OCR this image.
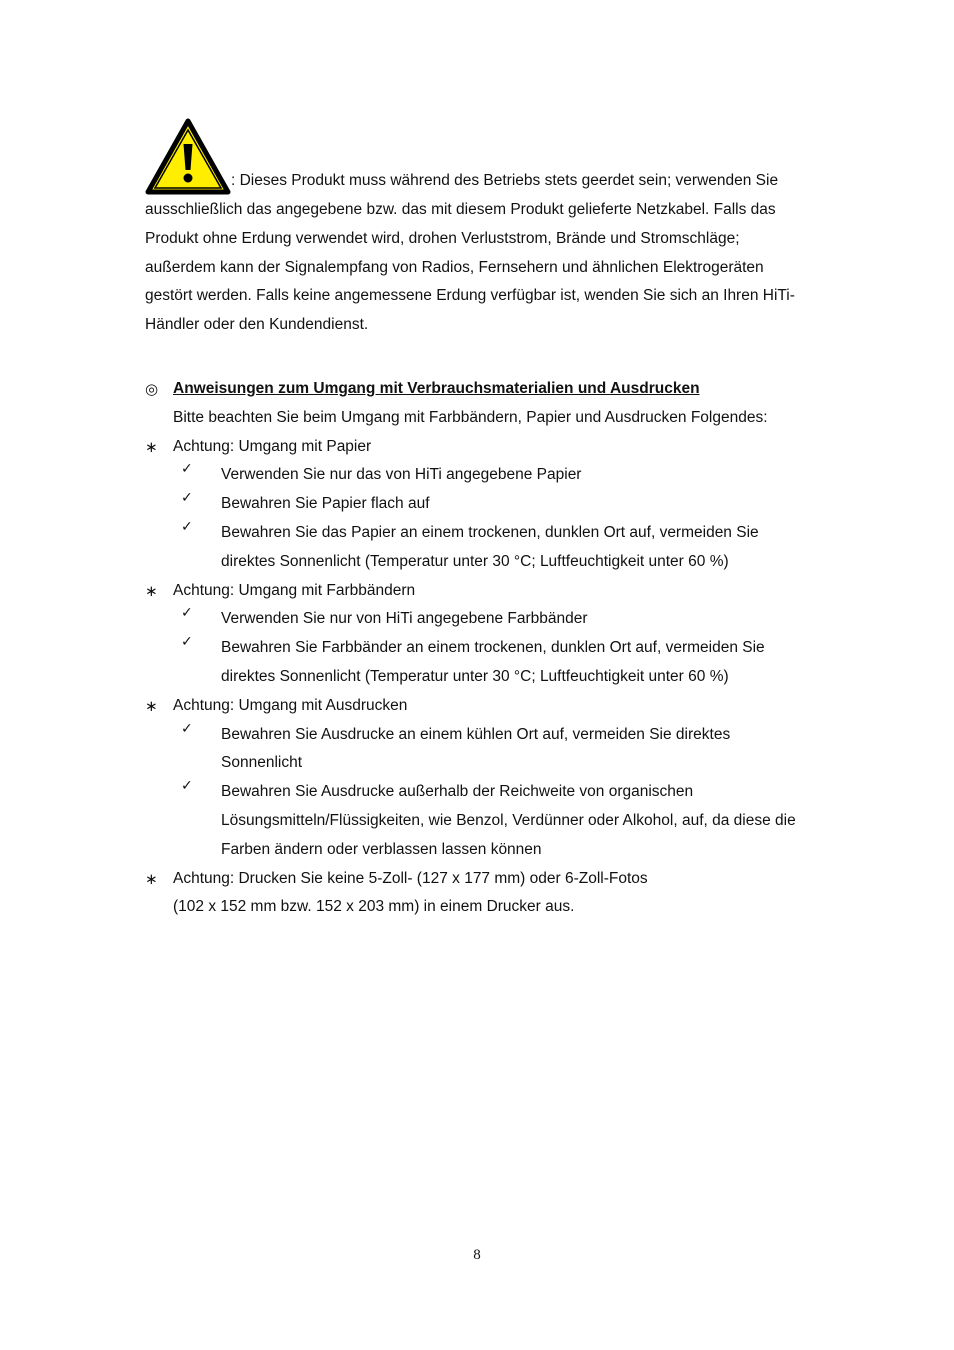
: Dieses Produkt muss während des Betriebs stets geerdet sein; verwenden Sie ausschließlich das angegebene bzw. das mit diesem Produkt gelieferte Netzkabel. Falls das Produkt ohne Erdung verwendet wird, drohen Verluststrom, Brände und Stromschläge; außerdem kann der Signalempfang von Radios, Fernsehern und ähnlichen Elektrogeräten gestört werden. Falls keine angemessene Erdung verfügbar ist, wenden Sie sich an Ihren HiTi-Händler oder den Kundendienst.
◎ Anweisungen zum Umgang mit Verbrauchsmaterialien und Ausdrucken
Bitte beachten Sie beim Umgang mit Farbbändern, Papier und Ausdrucken Folgendes:
∗ Achtung: Umgang mit Papier
✓ Verwenden Sie nur das von HiTi angegebene Papier
✓ Bewahren Sie Papier flach auf
✓ Bewahren Sie das Papier an einem trockenen, dunklen Ort auf, vermeiden Sie direktes Sonnenlicht (Temperatur unter 30 °C; Luftfeuchtigkeit unter 60 %)
∗ Achtung: Umgang mit Farbbändern
✓ Verwenden Sie nur von HiTi angegebene Farbbänder
✓ Bewahren Sie Farbbänder an einem trockenen, dunklen Ort auf, vermeiden Sie direktes Sonnenlicht (Temperatur unter 30 °C; Luftfeuchtigkeit unter 60 %)
∗ Achtung: Umgang mit Ausdrucken
✓ Bewahren Sie Ausdrucke an einem kühlen Ort auf, vermeiden Sie direktes Sonnenlicht
✓ Bewahren Sie Ausdrucke außerhalb der Reichweite von organischen Lösungsmitteln/Flüssigkeiten, wie Benzol, Verdünner oder Alkohol, auf, da diese die Farben ändern oder verblassen lassen können
∗ Achtung: Drucken Sie keine 5-Zoll- (127 x 177 mm) oder 6-Zoll-Fotos
(102 x 152 mm bzw. 152 x 203 mm) in einem Drucker aus.
8
